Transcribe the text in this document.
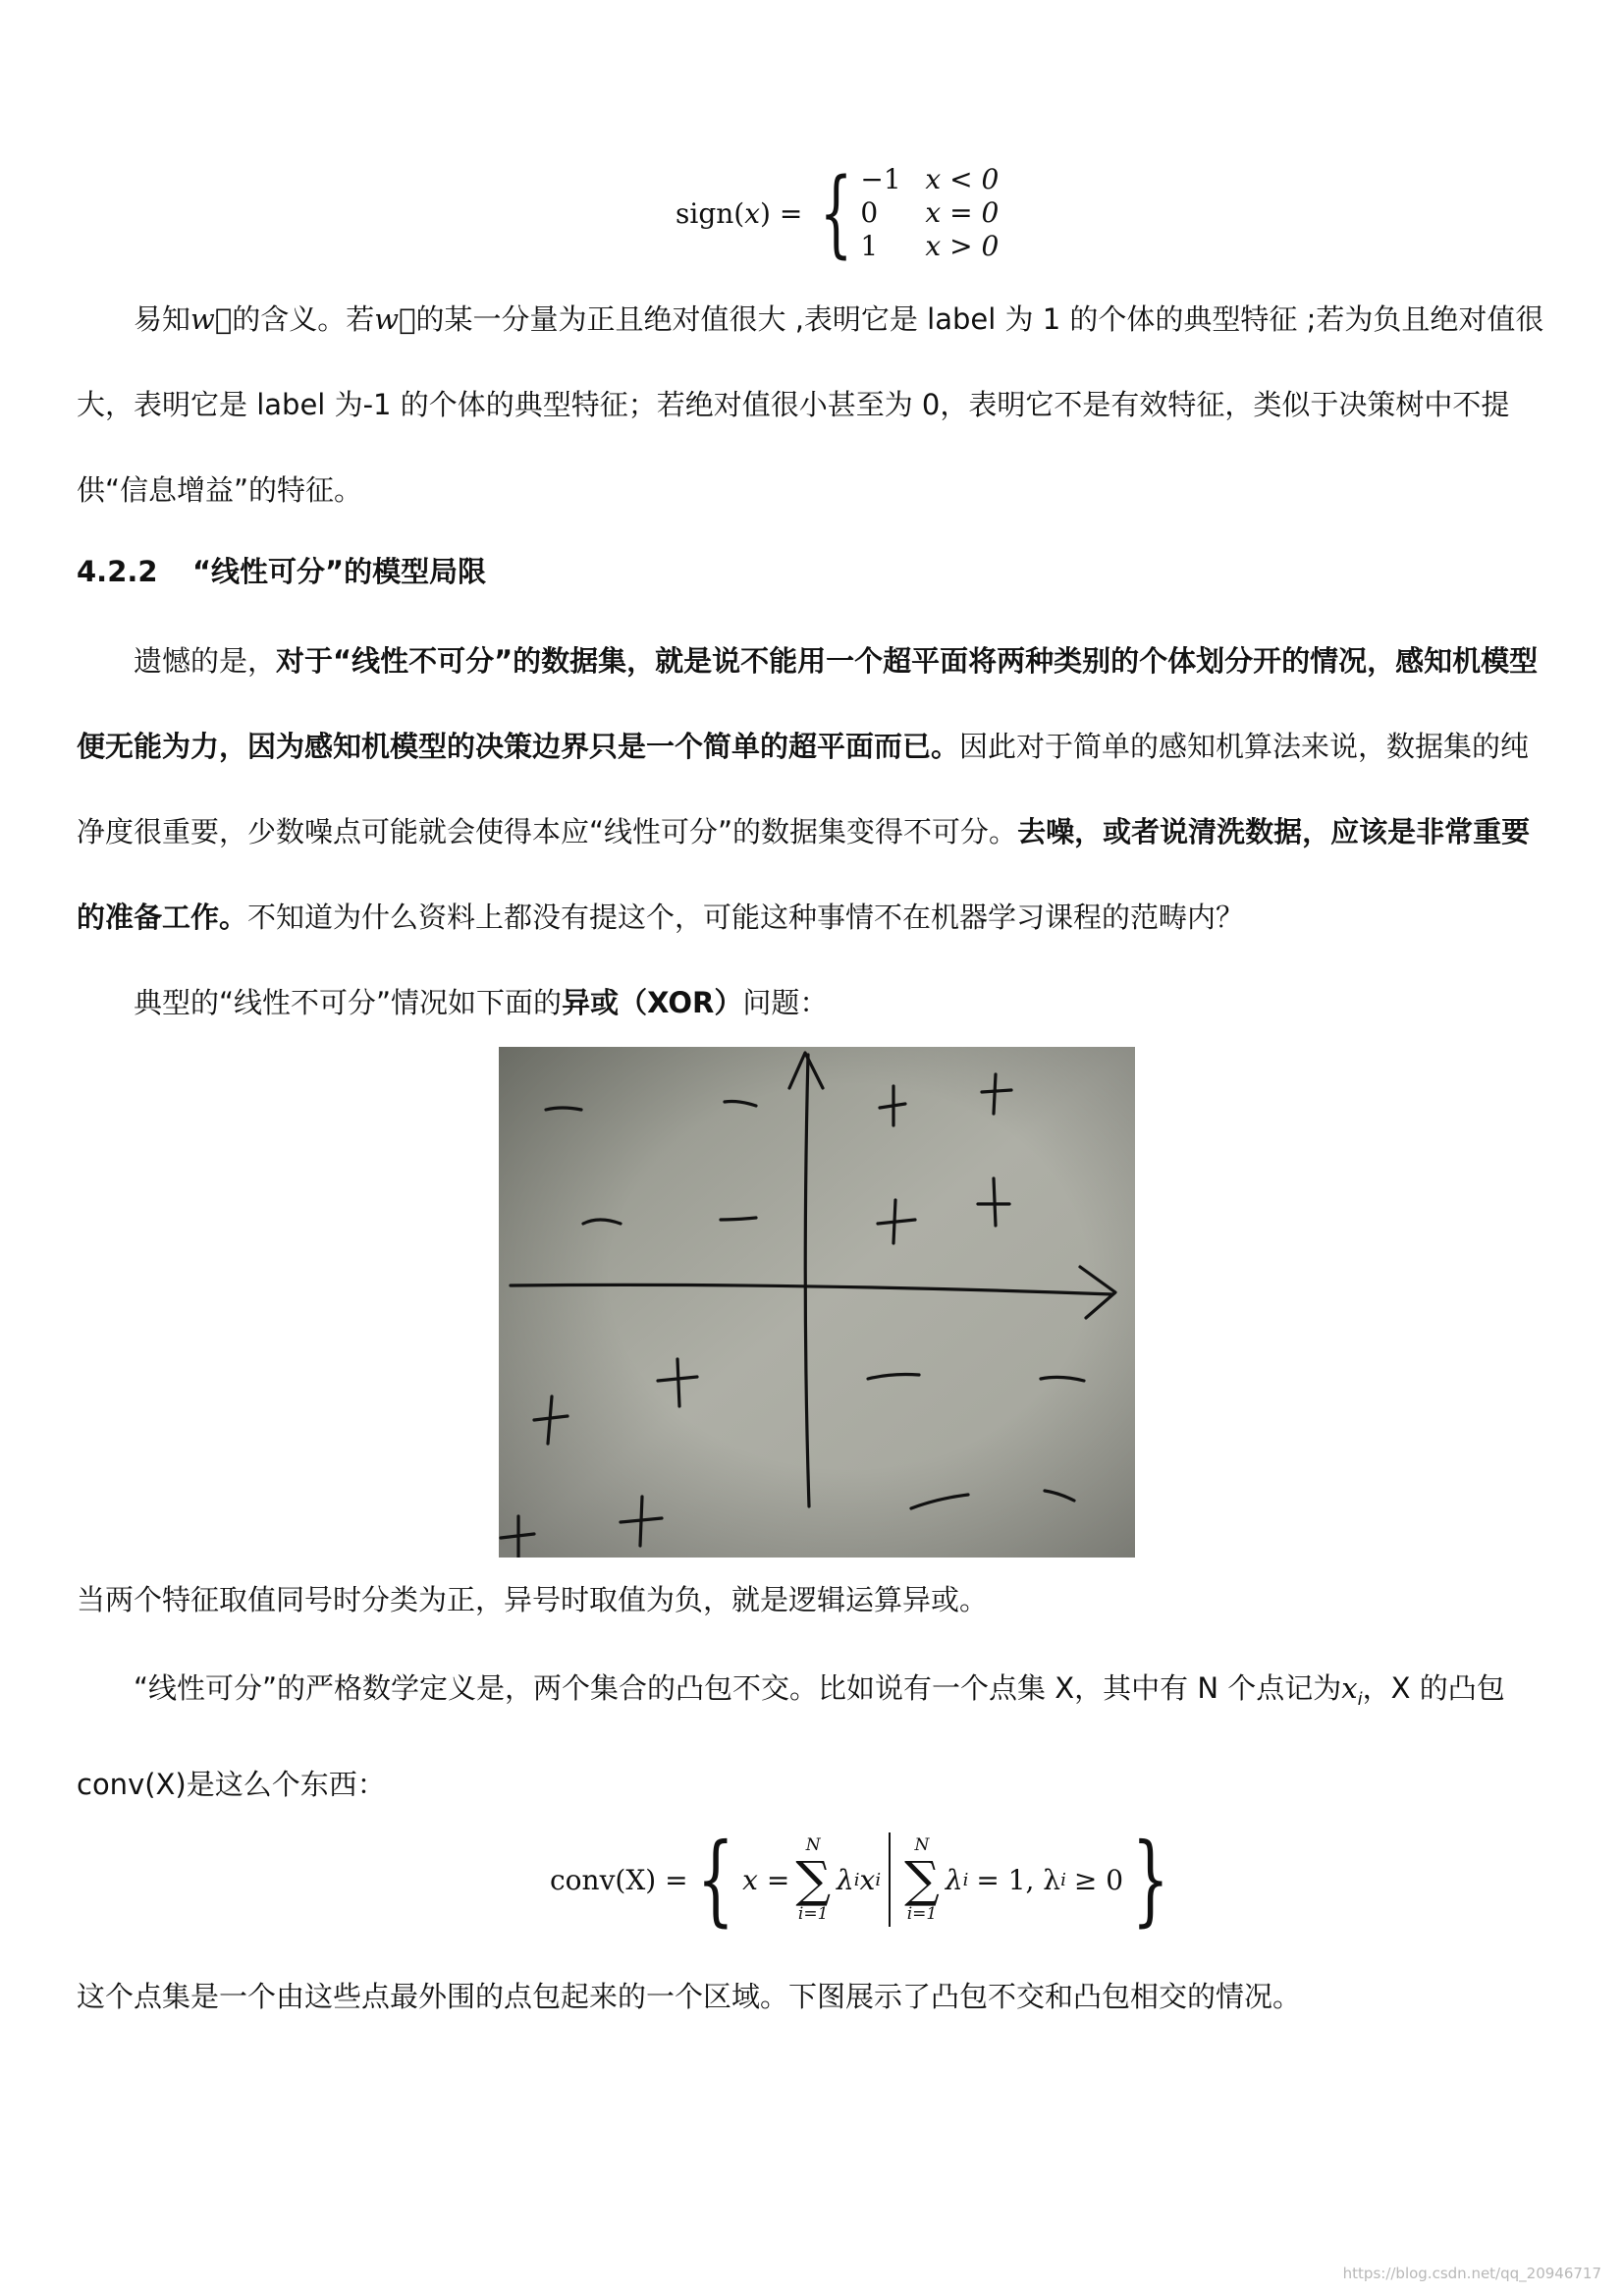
sign( x ) = { −1 x < 0
0	x = 0
1	x > 0

易知w⃗的含义。若w⃗的某一分量为正且绝对值很大 ,表明它是 label 为 1 的个体的典型特征 ;若为负且绝对值很大，表明它是 label 为-1 的个体的典型特征；若绝对值很小甚至为 0，表明它不是有效特征，类似于决策树中不提供“信息增益”的特征。

4.2.2 “线性可分”的模型局限

遗憾的是，对于“线性不可分”的数据集，就是说不能用一个超平面将两种类别的个体划分开的情况，感知机模型便无能为力，因为感知机模型的决策边界只是一个简单的超平面而已。因此对于简单的感知机算法来说，数据集的纯净度很重要，少数噪点可能就会使得本应“线性可分”的数据集变得不可分。去噪，或者说清洗数据，应该是非常重要的准备工作。不知道为什么资料上都没有提这个，可能这种事情不在机器学习课程的范畴内？

典型的“线性不可分”情况如下面的异或（XOR）问题：

当两个特征取值同号时分类为正，异号时取值为负，就是逻辑运算异或。

“线性可分”的严格数学定义是，两个集合的凸包不交。比如说有一个点集 X，其中有 N 个点记为$x_i$，X 的凸包 conv(X)是这么个东西：

conv(X) = { x =
N
∑
i=1
λ i x i
N
∑
i=1
λ i = 1, λ i ≥ 0 }

这个点集是一个由这些点最外围的点包起来的一个区域。下图展示了凸包不交和凸包相交的情况。

https://blog.csdn.net/qq_20946717
